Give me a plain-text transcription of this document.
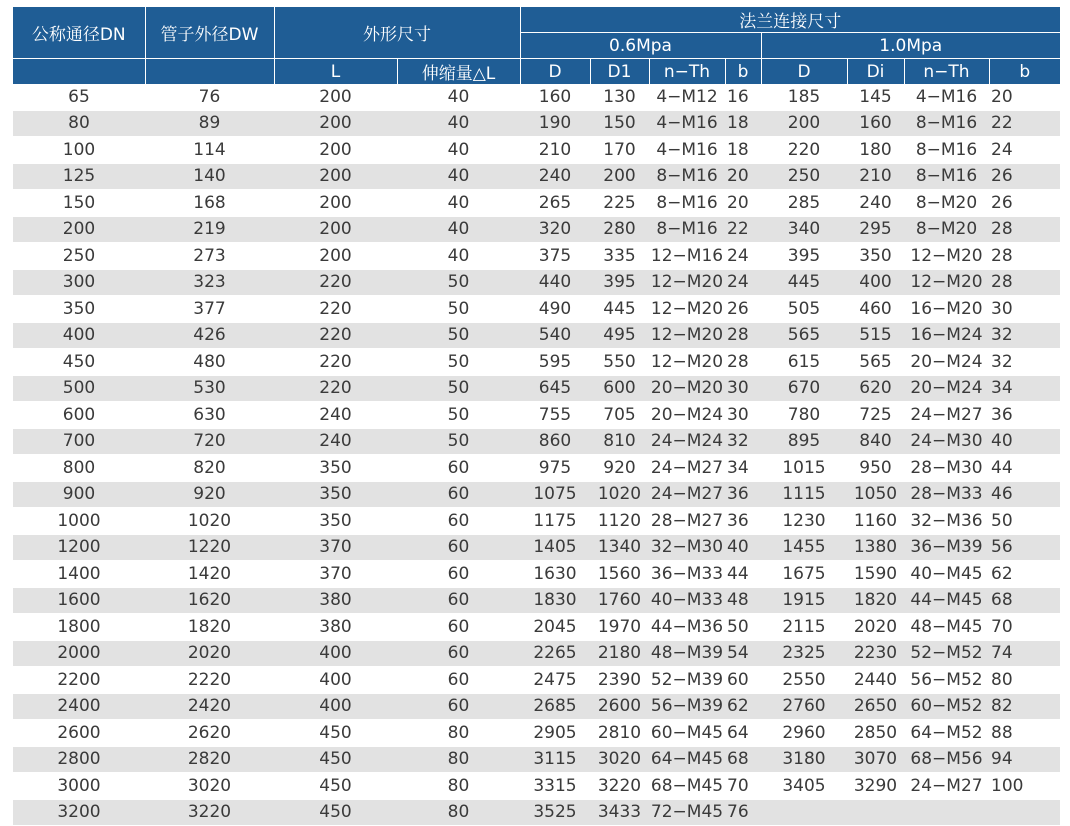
公称通径DN	管子外径DW	外形尺寸		法兰连接尺寸							
				0.6Mpa				1.0Mpa			
		L	伸缩量△L	D	D1	n−Th	b	D	Di	n−Th	b
65	76	200	40	160	130	4−M12	16	185	145	4−M16	20
80	89	200	40	190	150	4−M16	18	200	160	8−M16	22
100	114	200	40	210	170	4−M16	18	220	180	8−M16	24
125	140	200	40	240	200	8−M16	20	250	210	8−M16	26
150	168	200	40	265	225	8−M16	20	285	240	8−M20	26
200	219	200	40	320	280	8−M16	22	340	295	8−M20	28
250	273	200	40	375	335	12−M16	24	395	350	12−M20	28
300	323	220	50	440	395	12−M20	24	445	400	12−M20	28
350	377	220	50	490	445	12−M20	26	505	460	16−M20	30
400	426	220	50	540	495	12−M20	28	565	515	16−M24	32
450	480	220	50	595	550	12−M20	28	615	565	20−M24	32
500	530	220	50	645	600	20−M20	30	670	620	20−M24	34
600	630	240	50	755	705	20−M24	30	780	725	24−M27	36
700	720	240	50	860	810	24−M24	32	895	840	24−M30	40
800	820	350	60	975	920	24−M27	34	1015	950	28−M30	44
900	920	350	60	1075	1020	24−M27	36	1115	1050	28−M33	46
1000	1020	350	60	1175	1120	28−M27	36	1230	1160	32−M36	50
1200	1220	370	60	1405	1340	32−M30	40	1455	1380	36−M39	56
1400	1420	370	60	1630	1560	36−M33	44	1675	1590	40−M45	62
1600	1620	380	60	1830	1760	40−M33	48	1915	1820	44−M45	68
1800	1820	380	60	2045	1970	44−M36	50	2115	2020	48−M45	70
2000	2020	400	60	2265	2180	48−M39	54	2325	2230	52−M52	74
2200	2220	400	60	2475	2390	52−M39	60	2550	2440	56−M52	80
2400	2420	400	60	2685	2600	56−M39	62	2760	2650	60−M52	82
2600	2620	450	80	2905	2810	60−M45	64	2960	2850	64−M52	88
2800	2820	450	80	3115	3020	64−M45	68	3180	3070	68−M56	94
3000	3020	450	80	3315	3220	68−M45	70	3405	3290	24−M27	100
3200	3220	450	80	3525	3433	72−M45	76				
